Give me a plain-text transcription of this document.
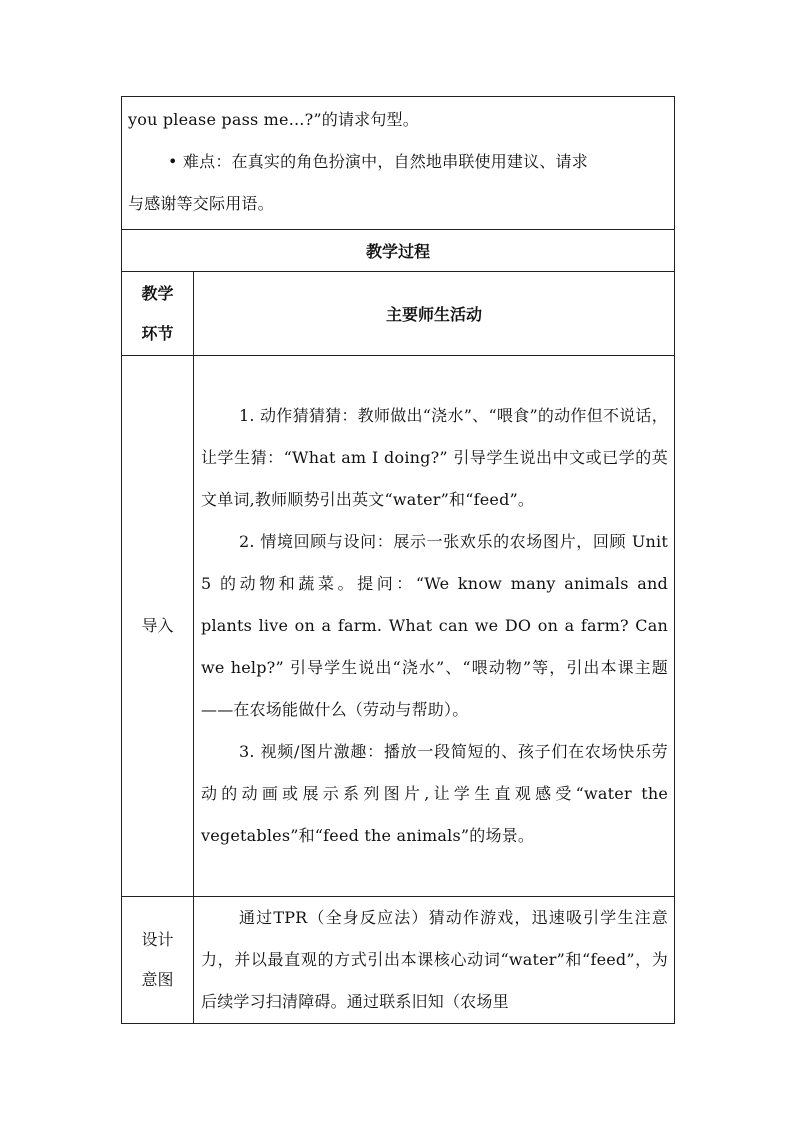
you please pass me...?”的请求句型。

• 难点：在真实的角色扮演中，自然地串联使用建议、请求

与感谢等交际用语。	

教学过程	

教学
环节	主要师生活动
导入	1. 动作猜猜猜：教师做出“浇水”、“喂食”的动作但不说话，让学生猜：“What am I doing?” 引导学生说出中文或已学的英文单词,教师顺势引出英文“water”和“feed”。

2. 情境回顾与设问：展示一张欢乐的农场图片，回顾 Unit 5 的动物和蔬菜。提问：“We know many animals and plants live on a farm. What can we DO on a farm? Can we help?” 引导学生说出“浇水”、“喂动物”等，引出本课主题——在农场能做什么（劳动与帮助）。

3. 视频/图片激趣：播放一段简短的、孩子们在农场快乐劳动的动画或展示系列图片,让学生直观感受“water the vegetables”和“feed the animals”的场景。

设计
意图	通过TPR（全身反应法）猜动作游戏，迅速吸引学生注意力，并以最直观的方式引出本课核心动词“water”和“feed”，为后续学习扫清障碍。通过联系旧知（农场里
